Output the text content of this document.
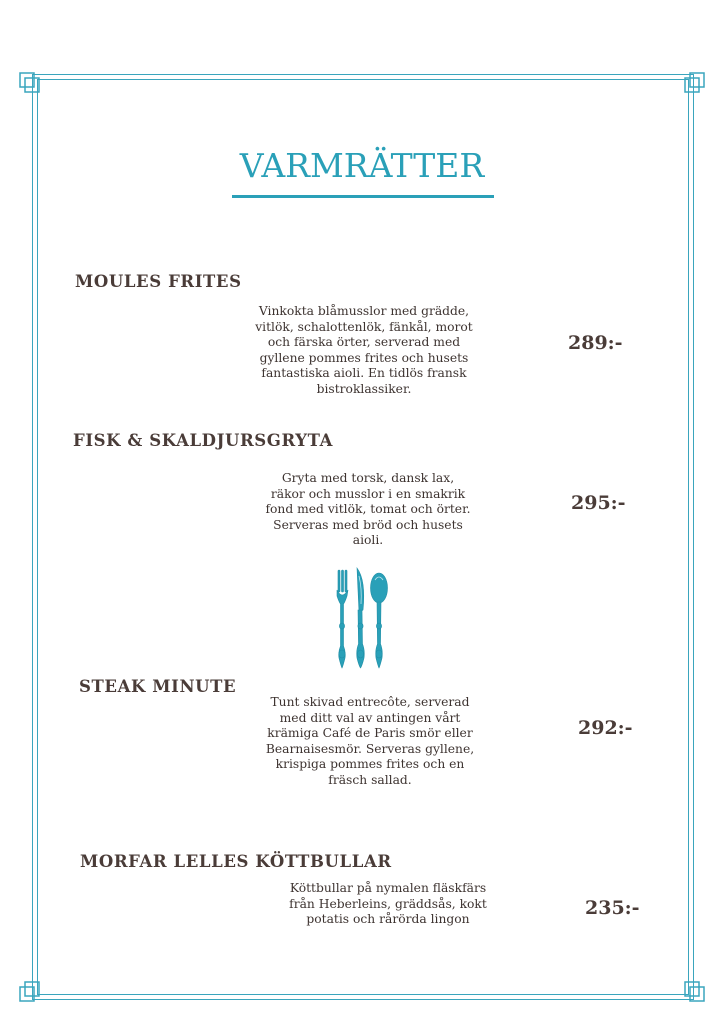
VARMRÄTTER
MOULES FRITES
Vinkokta blåmusslor med grädde, vitlök, schalottenlök, fänkål, morot och färska örter, serverad med gyllene pommes frites och husets fantastiska aioli. En tidlös fransk bistroklassiker.
289:-
FISK & SKALDJURSGRYTA
Gryta med torsk, dansk lax, räkor och musslor i en smakrik fond med vitlök, tomat och örter. Serveras med bröd och husets aioli.
295:-
STEAK MINUTE
Tunt skivad entrecôte, serverad med ditt val av antingen vårt krämiga Café de Paris smör eller Bearnaisesmör. Serveras gyllene, krispiga pommes frites och en fräsch sallad.
292:-
MORFAR LELLES KÖTTBULLAR
Köttbullar på nymalen fläskfärs från Heberleins, gräddsås, kokt potatis och rårörda lingon
235:-
